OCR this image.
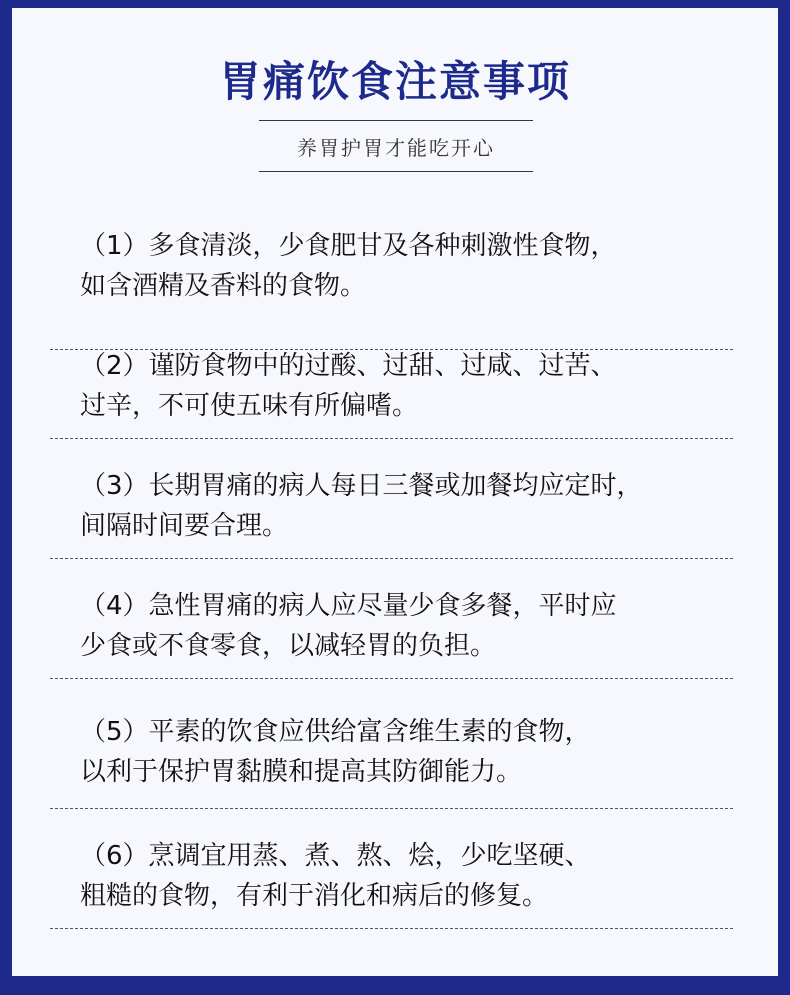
胃痛饮食注意事项
养胃护胃才能吃开心
（1）多食清淡，少食肥甘及各种刺激性食物，
如含酒精及香料的食物。
（2）谨防食物中的过酸、过甜、过咸、过苦、
过辛，不可使五味有所偏嗜。
（3）长期胃痛的病人每日三餐或加餐均应定时，
间隔时间要合理。
（4）急性胃痛的病人应尽量少食多餐，平时应
少食或不食零食，以减轻胃的负担。
（5）平素的饮食应供给富含维生素的食物，
以利于保护胃黏膜和提高其防御能力。
（6）烹调宜用蒸、煮、熬、烩，少吃坚硬、
粗糙的食物，有利于消化和病后的修复。
